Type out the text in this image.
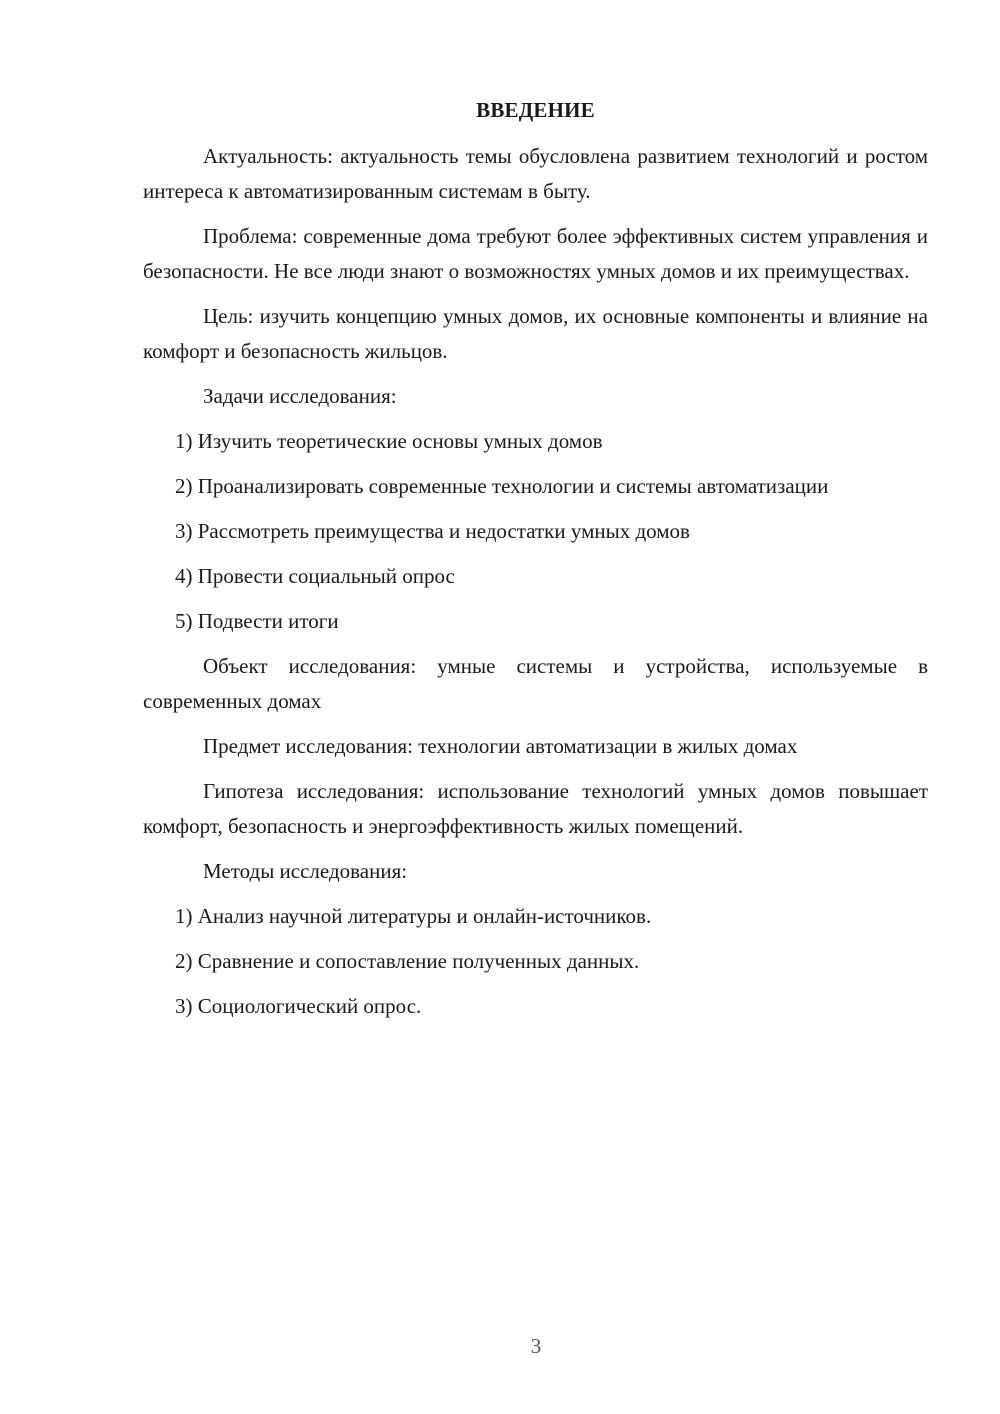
ВВЕДЕНИЕ

Актуальность: актуальность темы обусловлена развитием технологий и ростом интереса к автоматизированным системам в быту.

Проблема: современные дома требуют более эффективных систем управления и безопасности. Не все люди знают о возможностях умных домов и их преимуществах.

Цель: изучить концепцию умных домов, их основные компоненты и влияние на комфорт и безопасность жильцов.

Задачи исследования:

1) Изучить теоретические основы умных домов

2) Проанализировать современные технологии и системы автоматизации

3) Рассмотреть преимущества и недостатки умных домов

4) Провести социальный опрос

5) Подвести итоги

Объект исследования: умные системы и устройства, используемые в современных домах

Предмет исследования: технологии автоматизации в жилых домах

Гипотеза исследования: использование технологий умных домов повышает комфорт, безопасность и энергоэффективность жилых помещений.

Методы исследования:

1) Анализ научной литературы и онлайн-источников.

2) Сравнение и сопоставление полученных данных.

3) Социологический опрос.

3
